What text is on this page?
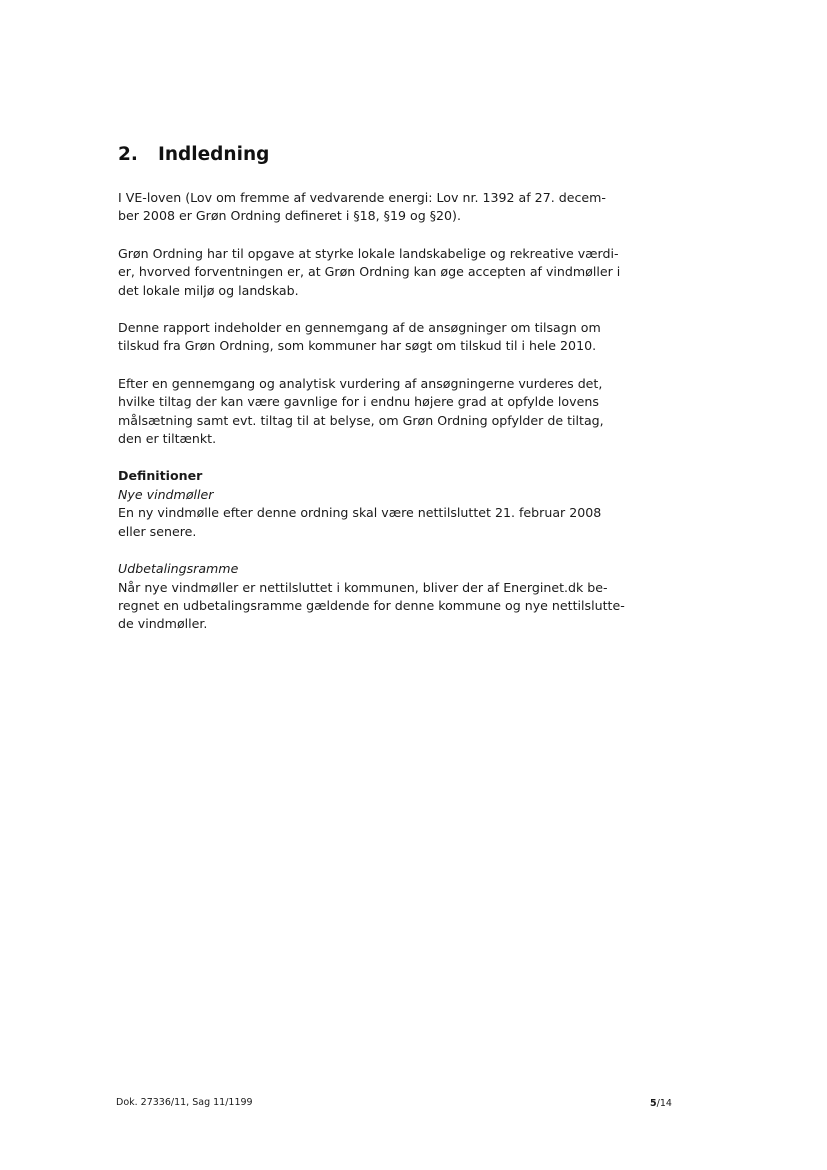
2. Indledning

I VE-loven (Lov om fremme af vedvarende energi: Lov nr. 1392 af 27. decem-
ber 2008 er Grøn Ordning defineret i §18, §19 og §20).

Grøn Ordning har til opgave at styrke lokale landskabelige og rekreative værdi-
er, hvorved forventningen er, at Grøn Ordning kan øge accepten af vindmøller i
det lokale miljø og landskab.

Denne rapport indeholder en gennemgang af de ansøgninger om tilsagn om
tilskud fra Grøn Ordning, som kommuner har søgt om tilskud til i hele 2010.

Efter en gennemgang og analytisk vurdering af ansøgningerne vurderes det,
hvilke tiltag der kan være gavnlige for i endnu højere grad at opfylde lovens
målsætning samt evt. tiltag til at belyse, om Grøn Ordning opfylder de tiltag,
den er tiltænkt.

Definitioner

Nye vindmøller

En ny vindmølle efter denne ordning skal være nettilsluttet 21. februar 2008
eller senere.

Udbetalingsramme

Når nye vindmøller er nettilsluttet i kommunen, bliver der af Energinet.dk be-
regnet en udbetalingsramme gældende for denne kommune og nye nettilslutte-
de vindmøller.
Dok. 27336/11, Sag 11/1199	5/14
